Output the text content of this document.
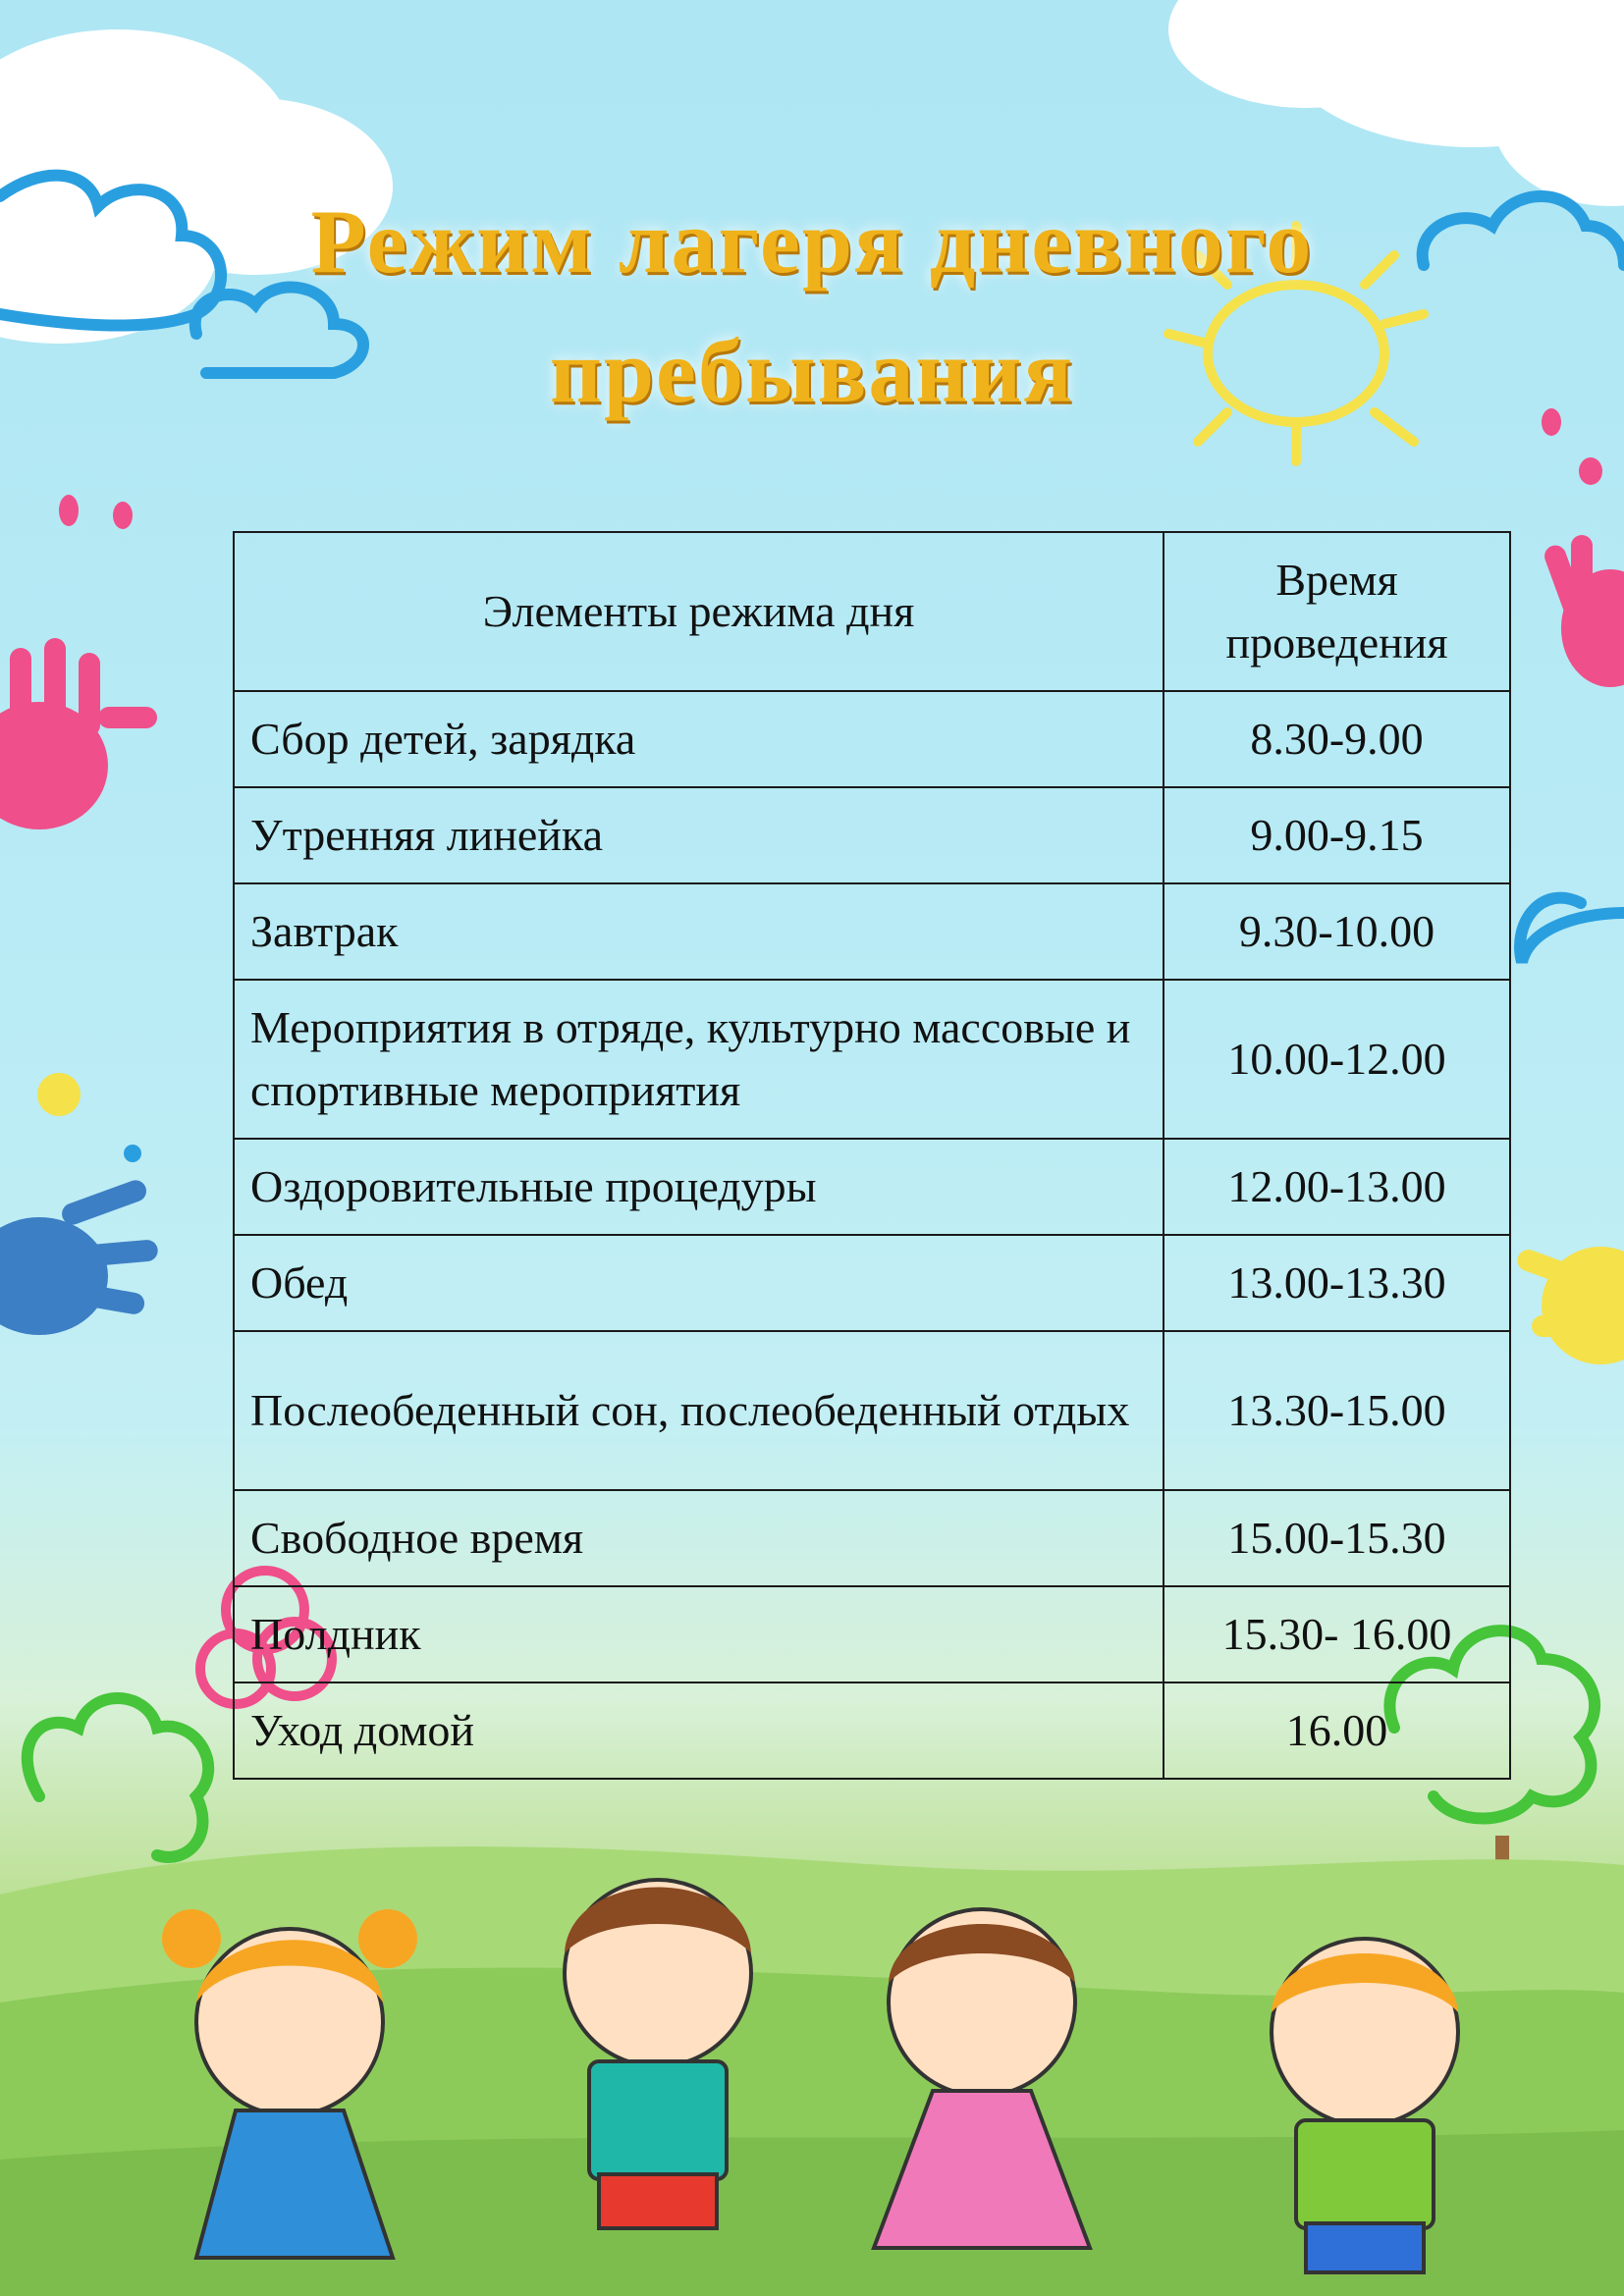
Режим лагеря дневного
пребывания
Элементы режима дня	Время проведения
Сбор детей, зарядка	8.30-9.00
Утренняя линейка	9.00-9.15
Завтрак	9.30-10.00
Мероприятия в отряде, культурно массовые и спортивные мероприятия	10.00-12.00
Оздоровительные процедуры	12.00-13.00
Обед	13.00-13.30
Послеобеденный сон, послеобеденный отдых	13.30-15.00
Свободное время	15.00-15.30
Полдник	15.30- 16.00
Уход домой	16.00
